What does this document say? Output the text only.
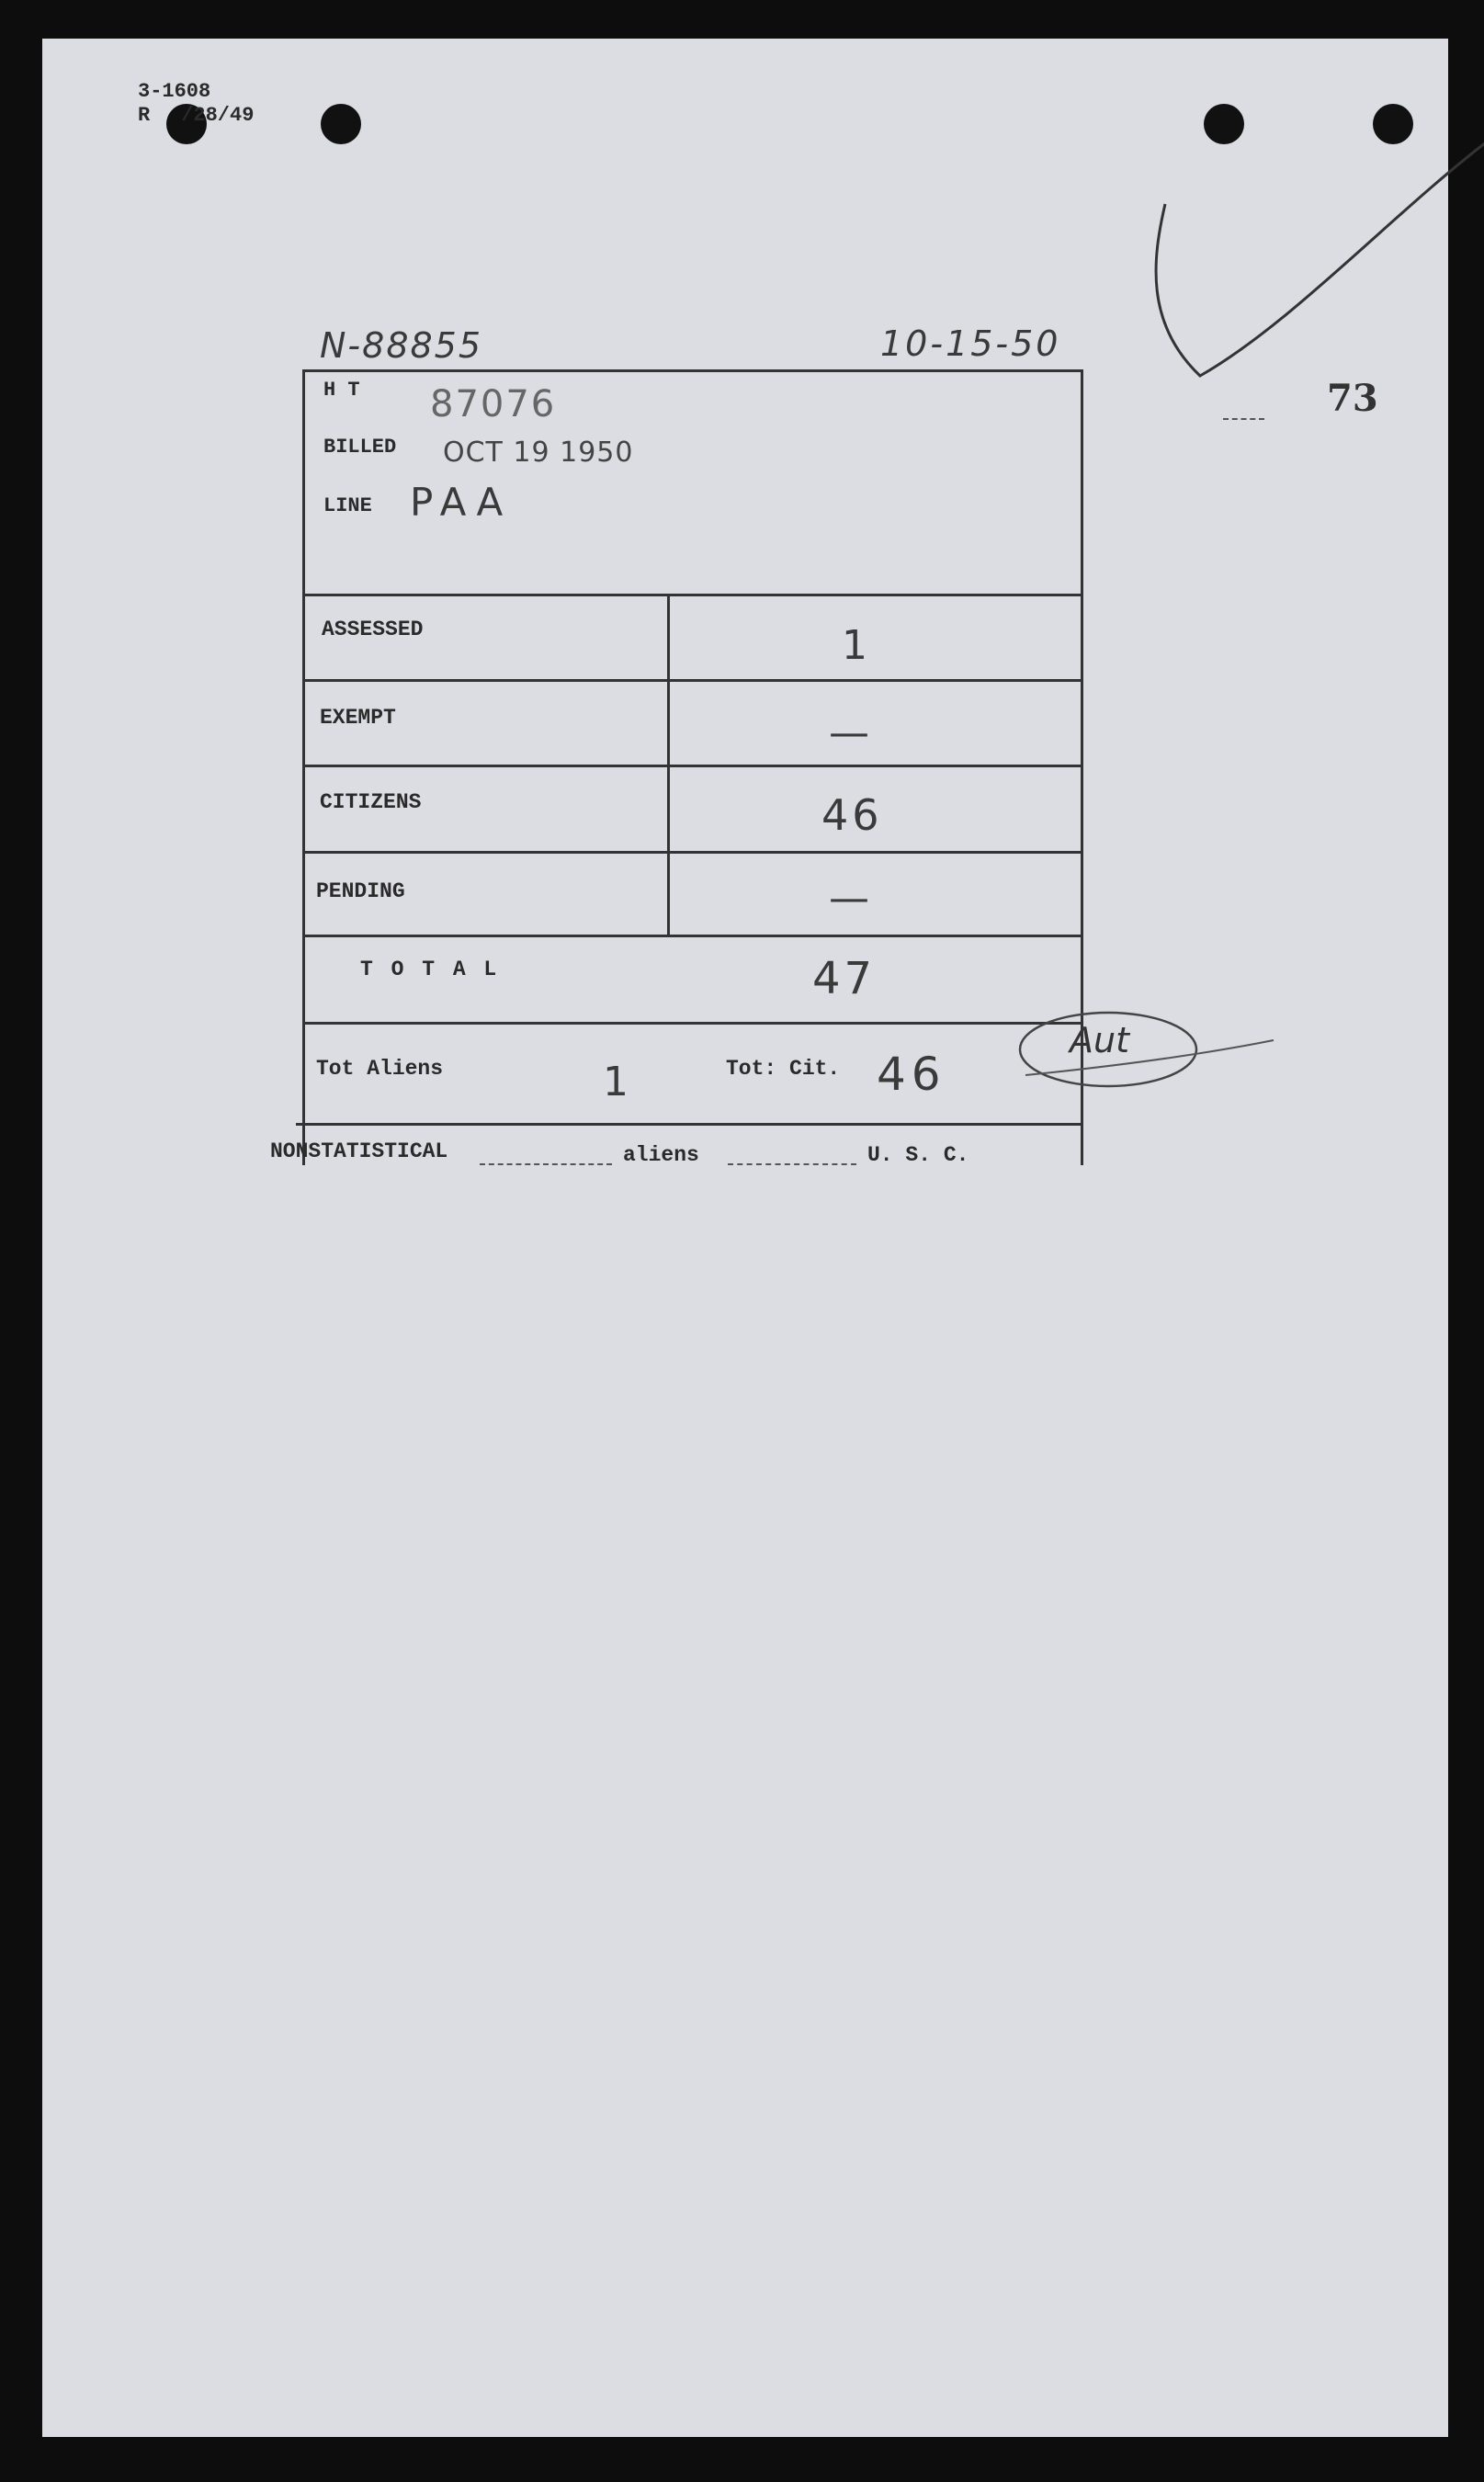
3-1608
R /28/49
N-88855	10-15-50
73
H T 87076
BILLED OCT 19 1950
LINE PAA
ASSESSED	1
EXEMPT	—
CITIZENS	46
PENDING	—
T O T A L	47
Tot Aliens	1	Tot: Cit. 46
Aut
NONSTATISTICAL	aliens	U. S. C.
